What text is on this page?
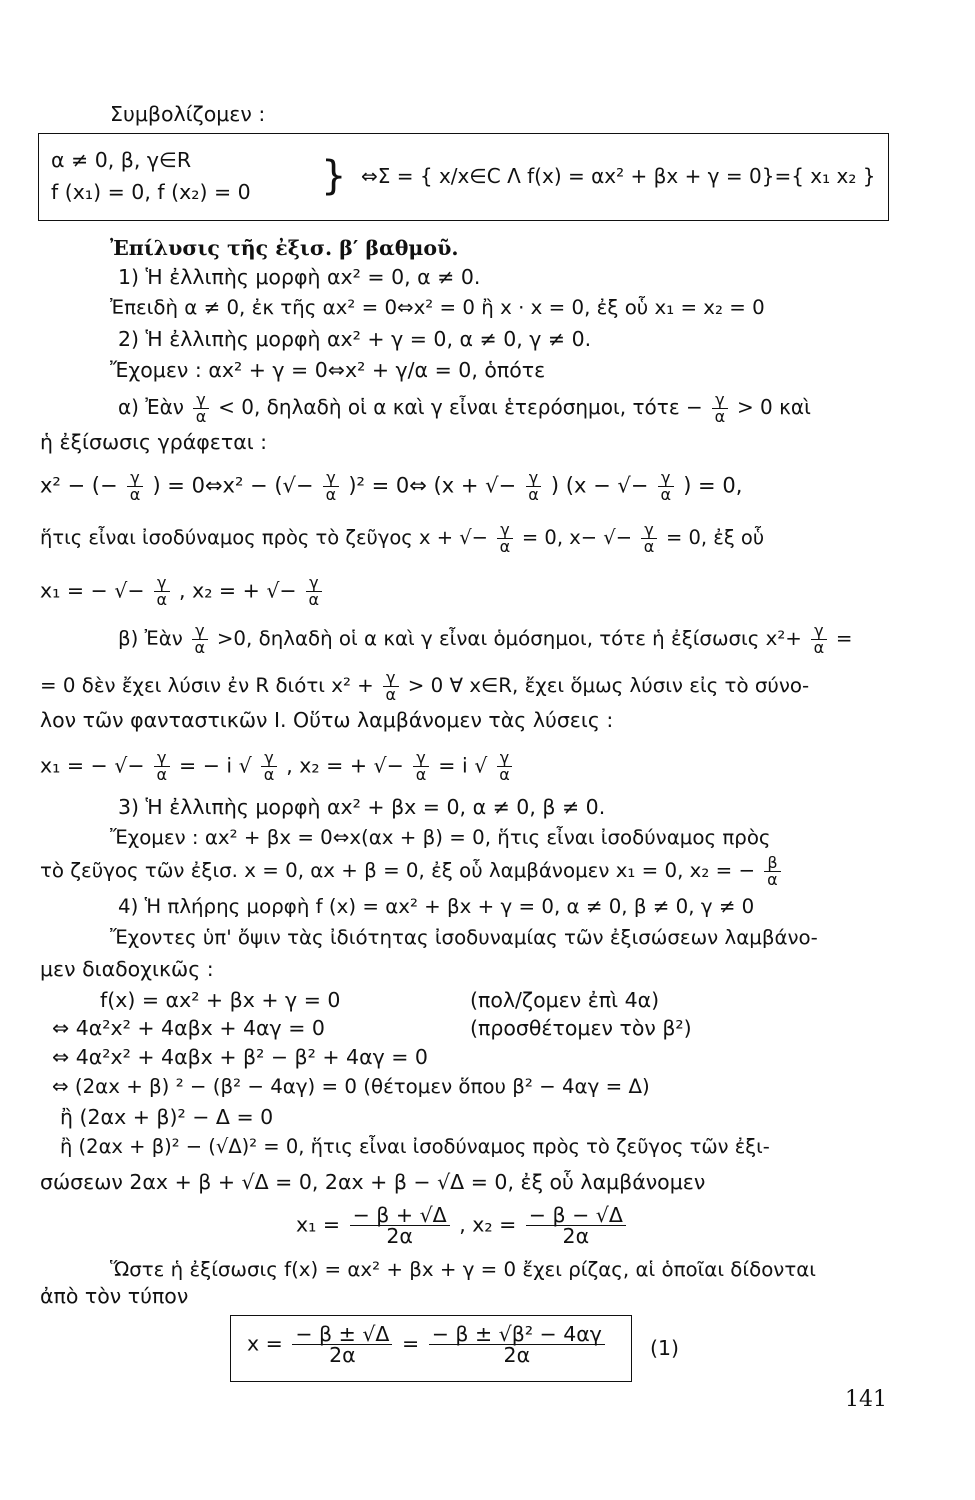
Συμβολίζομεν :
α ≠ 0, β, γ∈R
f (x₁) = 0, f (x₂) = 0 } ⇔Σ = { x/x∈C Λ f(x) = αx² + βx + γ = 0}={ x₁ x₂ }
Ἐπίλυσις τῆς ἐξισ. β′ βαθμοῦ.
1) Ἡ ἐλλιπὴς μορφὴ αx² = 0, α ≠ 0.
Ἐπειδὴ α ≠ 0, ἐκ τῆς αx² = 0⇔x² = 0 ἢ x · x = 0, ἐξ οὗ x₁ = x₂ = 0
2) Ἡ ἐλλιπὴς μορφὴ αx² + γ = 0, α ≠ 0, γ ≠ 0.
Ἔχομεν : αx² + γ = 0⇔x² + γ/α = 0, ὁπότε
α) Ἐὰν $\frac{\gamma}{\alpha} < 0$, δηλαδὴ οἱ α καὶ γ εἶναι ἑτερόσημοι, $\tau ό\tau\varepsilon - \frac{\gamma}{\alpha} > 0$ καὶ
ἡ ἐξίσωσις γράφεται :
x² − (− $\frac{\gamma}{\alpha}$ ) = 0⇔x² − (√− $\frac{\gamma}{\alpha} )^2$ = 0⇔ (x + √− $\frac{\gamma}{\alpha}$ ) (x − √− $\frac{\gamma}{\alpha}$ ) = 0,
ἥτις εἶναι ἰσοδύναμος πρὸς τὸ ζεῦγος x + √− $\frac{\gamma}{\alpha} = 0$, x− √− $\frac{\gamma}{\alpha} = 0$, ἐξ οὗ
x₁ = − √− $\frac{\gamma}{\alpha}$ , x₂ = + √− $\frac{\gamma}{\alpha}$
β) Ἐὰν $\frac{\gamma}{\alpha} >0$, δηλαδὴ οἱ α καὶ γ εἶναι ὁμόσημοι, τότε ἡ ἐξίσωσις $x^2+ \frac{\gamma}{\alpha}$ =
= 0 δὲν ἔχει λύσιν ἐν R διότι $x^2 + \frac{\gamma}{\alpha} > 0$ ∀ x∈R, ἔχει ὅμως λύσιν εἰς τὸ σύνο-
λον τῶν φανταστικῶν I. Οὕτω λαμβάνομεν τὰς λύσεις :
x₁ = − √− $\frac{\gamma}{\alpha}$ = − i √ $\frac{\gamma}{\alpha}$ , x₂ = + √− $\frac{\gamma}{\alpha} = i$ √ $\frac{\gamma}{\alpha}$
3) Ἡ ἐλλιπὴς μορφὴ αx² + βx = 0, α ≠ 0, β ≠ 0.
Ἔχομεν : αx² + βx = 0⇔x(αx + β) = 0, ἥτις εἶναι ἰσοδύναμος πρὸς
τὸ ζεῦγος τῶν ἐξισ. x = 0, αx + β = 0, ἐξ οὗ λαμβάνομεν x₁ = 0, x₂ = − $\frac{\beta}{\alpha}$
4) Ἡ πλήρης μορφὴ f (x) = αx² + βx + γ = 0, α ≠ 0, β ≠ 0, γ ≠ 0
Ἔχοντες ὑπ' ὄψιν τὰς ἰδιότητας ἰσοδυναμίας τῶν ἐξισώσεων λαμβάνο-
μεν διαδοχικῶς :
f(x) = αx² + βx + γ = 0	(πολ/ζομεν ἐπὶ 4α)
⇔ 4α²x² + 4αβx + 4αγ = 0	(προσθέτομεν τὸν β²)
⇔ 4α²x² + 4αβx + β² − β² + 4αγ = 0
⇔ (2αx + β) ² − (β² − 4αγ) = 0 (θέτομεν ὅπου β² − 4αγ = Δ)
ἢ (2αx + β)² − Δ = 0
ἢ (2αx + β)² − (√Δ)² = 0, ἥτις εἶναι ἰσοδύναμος πρὸς τὸ ζεῦγος τῶν ἐξι-
σώσεων 2αx + β + √Δ = 0, 2αx + β − √Δ = 0, ἐξ οὗ λαμβάνομεν
$x_1 = \frac{- \beta + √\Delta}{2\alpha}$ , $x_2 = \frac{- \beta - √\Delta}{2\alpha}$
Ὥστε ἡ ἐξίσωσις f(x) = αx² + βx + γ = 0 ἔχει ρίζας, αἱ ὁποῖαι δίδονται
ἀπὸ τὸν τύπον
$x = \frac{- \beta \pm √\Delta}{2\alpha} = \frac{\text{− β ± √β² − 4αγ}}{2\alpha} (1)$
141
